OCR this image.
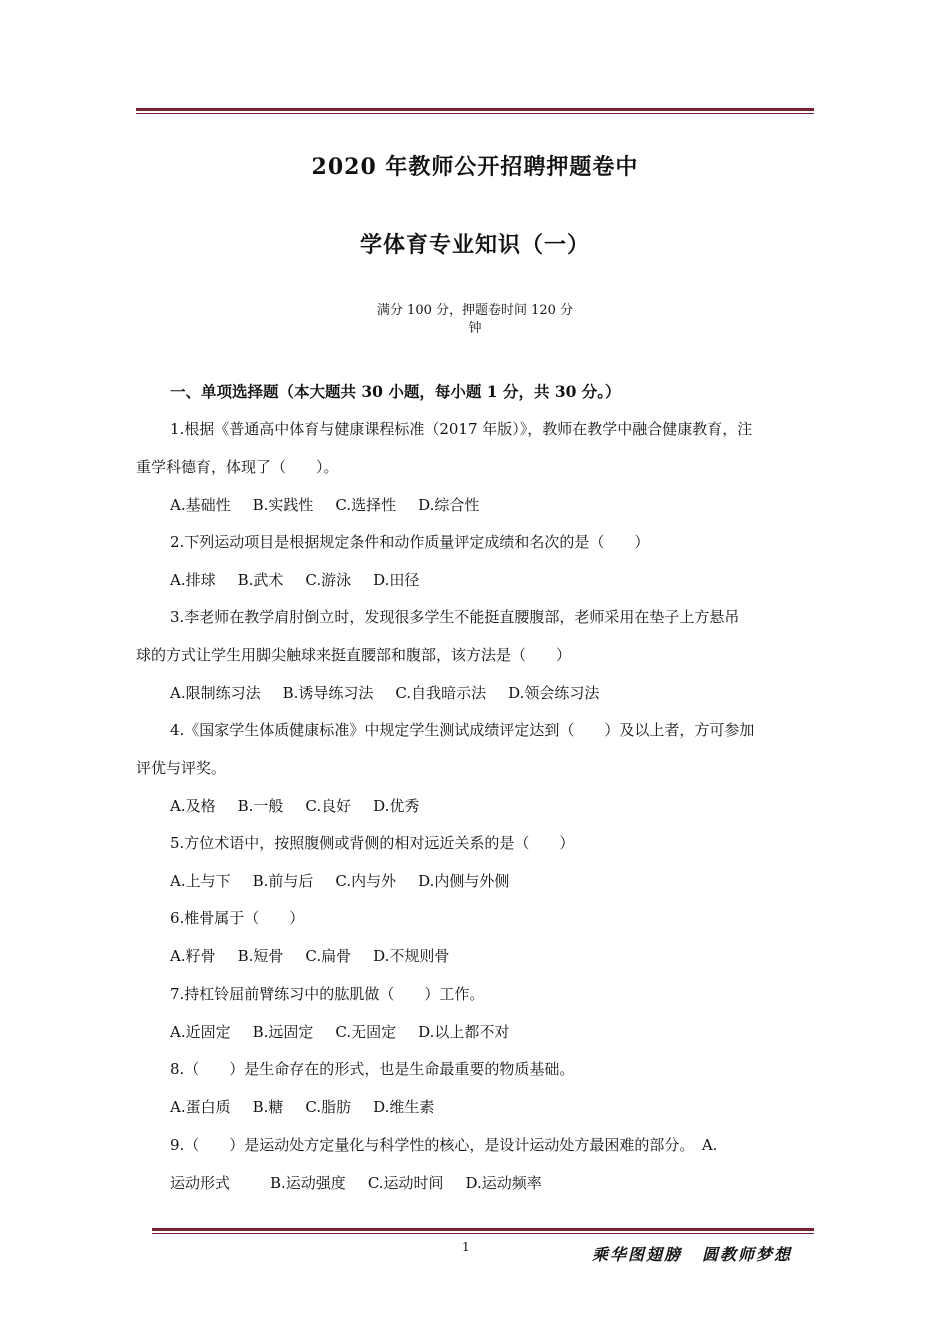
2020 年教师公开招聘押题卷中
学体育专业知识（一）
满分 100 分，押题卷时间 120 分
钟
一、单项选择题（本大题共 30 小题，每小题 1 分，共 30 分。）
1.根据《普通高中体育与健康课程标准（2017 年版）》，教师在教学中融合健康教育，注
重学科德育，体现了（　　）。
A.基础性 B.实践性 C.选择性 D.综合性
2.下列运动项目是根据规定条件和动作质量评定成绩和名次的是（　　）
A.排球 B.武术 C.游泳 D.田径
3.李老师在教学肩肘倒立时，发现很多学生不能挺直腰腹部，老师采用在垫子上方悬吊
球的方式让学生用脚尖触球来挺直腰部和腹部，该方法是（　　）
A.限制练习法 B.诱导练习法 C.自我暗示法 D.领会练习法
4.《国家学生体质健康标准》中规定学生测试成绩评定达到（　　）及以上者，方可参加
评优与评奖。
A.及格 B.一般 C.良好 D.优秀
5.方位术语中，按照腹侧或背侧的相对远近关系的是（　　）
A.上与下 B.前与后 C.内与外 D.内侧与外侧
6.椎骨属于（　　）
A.籽骨 B.短骨 C.扁骨 D.不规则骨
7.持杠铃屈前臂练习中的肱肌做（　　）工作。
A.近固定 B.远固定 C.无固定 D.以上都不对
8.（　　）是生命存在的形式，也是生命最重要的物质基础。
A.蛋白质 B.糖 C.脂肪 D.维生素
9.（　　）是运动处方定量化与科学性的核心，是设计运动处方最困难的部分。　A.
运动形式	B.运动强度 C.运动时间 D.运动频率
1	乘华图翅膀 圆教师梦想
